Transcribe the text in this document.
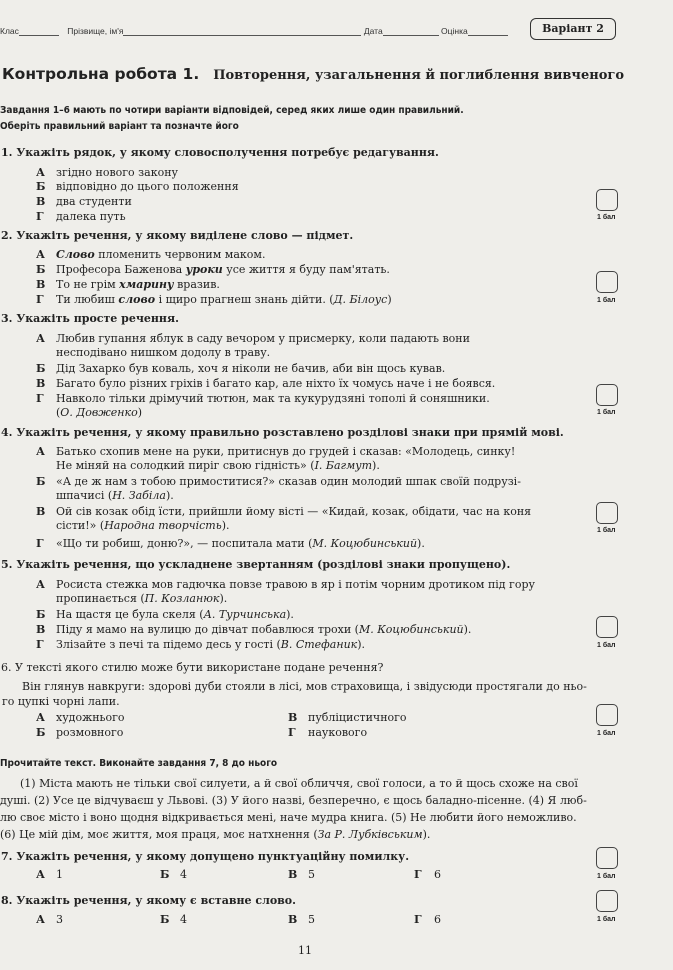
Клас	Прізвище, ім'я	Дата	Оцінка	Варіант 2
Контрольна робота 1. Повторення, узагальнення й поглиблення вивченого
Завдання 1–6 мають по чотири варіанти відповідей, серед яких лише один правильний.
Оберіть правильний варіант та позначте його
1. Укажіть рядок, у якому словосполучення потребує редагування.
А згідно нового закону
Б відповідно до цього положення
В два студенти
Г далека путь	1 бал
2. Укажіть речення, у якому виділене слово — підмет.
А Слово пломенить червоним маком.
Б Професора Баженова уроки усе життя я буду пам'ятать.
В То не грім хмарину вразив.
Г Ти любиш слово і щиро прагнеш знань дійти. (Д. Білоус)	1 бал
3. Укажіть просте речення.
А Любив гупання яблук в саду вечором у присмерку, коли падають вони
несподівано нишком додолу в траву.
Б Дід Захарко був коваль, хоч я ніколи не бачив, аби він щось кував.
В Багато було різних гріхів і багато кар, але ніхто їх чомусь наче і не боявся.
Г Навколо тільки дрімучий тютюн, мак та кукурудзяні тополі й соняшники.
(О. Довженко)	1 бал
4. Укажіть речення, у якому правильно розставлено розділові знаки при прямій мові.
А Батько схопив мене на руки, притиснув до грудей і сказав: «Молодець, синку!
Не міняй на солодкий пиріг свою гідність» (І. Багмут).
Б «А де ж нам з тобою примоститися?» сказав один молодий шпак своїй подрузі-
шпачисі (Н. Забіла).
В Ой сів козак обід їсти, прийшли йому вісті — «Кидай, козак, обідати, час на коня
сісти!» (Народна творчість).
Г «Що ти робиш, доню?», — поспитала мати (М. Коцюбинський).
1 бал
5. Укажіть речення, що ускладнене звертанням (розділові знаки пропущено).
А Росиста стежка мов гадючка повзе травою в яр і потім чорним дротиком під гору
пропинається (П. Козланюк).
Б На щастя це була скеля (А. Турчинська).
В Піду я мамо на вулицю до дівчат побавлюся трохи (М. Коцюбинський).
Г Злізайте з печі та підемо десь у гості (В. Стефаник).	1 бал
6. У тексті якого стилю може бути використане подане речення?
Він глянув навкруги: здорові дуби стояли в лісі, мов страховища, і звідусюди простягали до ньо-
го цупкі чорні лапи.
А художнього
Б розмовного
В публіцистичного
Г наукового	1 бал
Прочитайте текст. Виконайте завдання 7, 8 до нього
(1) Міста мають не тільки свої силуети, а й свої обличчя, свої голоси, а то й щось схоже на свої
душі. (2) Усе це відчуваєш у Львові. (3) У його назві, безперечно, є щось баладно-пісенне. (4) Я люб-
лю своє місто і воно щодня відкривається мені, наче мудра книга. (5) Не любити його неможливо.
(6) Це мій дім, моє життя, моя праця, моє натхнення (За Р. Лубківським).
7. Укажіть речення, у якому допущено пунктуаційну помилку.
А 1	Б 4	В 5	Г 6	1 бал
8. Укажіть речення, у якому є вставне слово.
А 3	Б 4	В 5	Г 6	1 бал
11
